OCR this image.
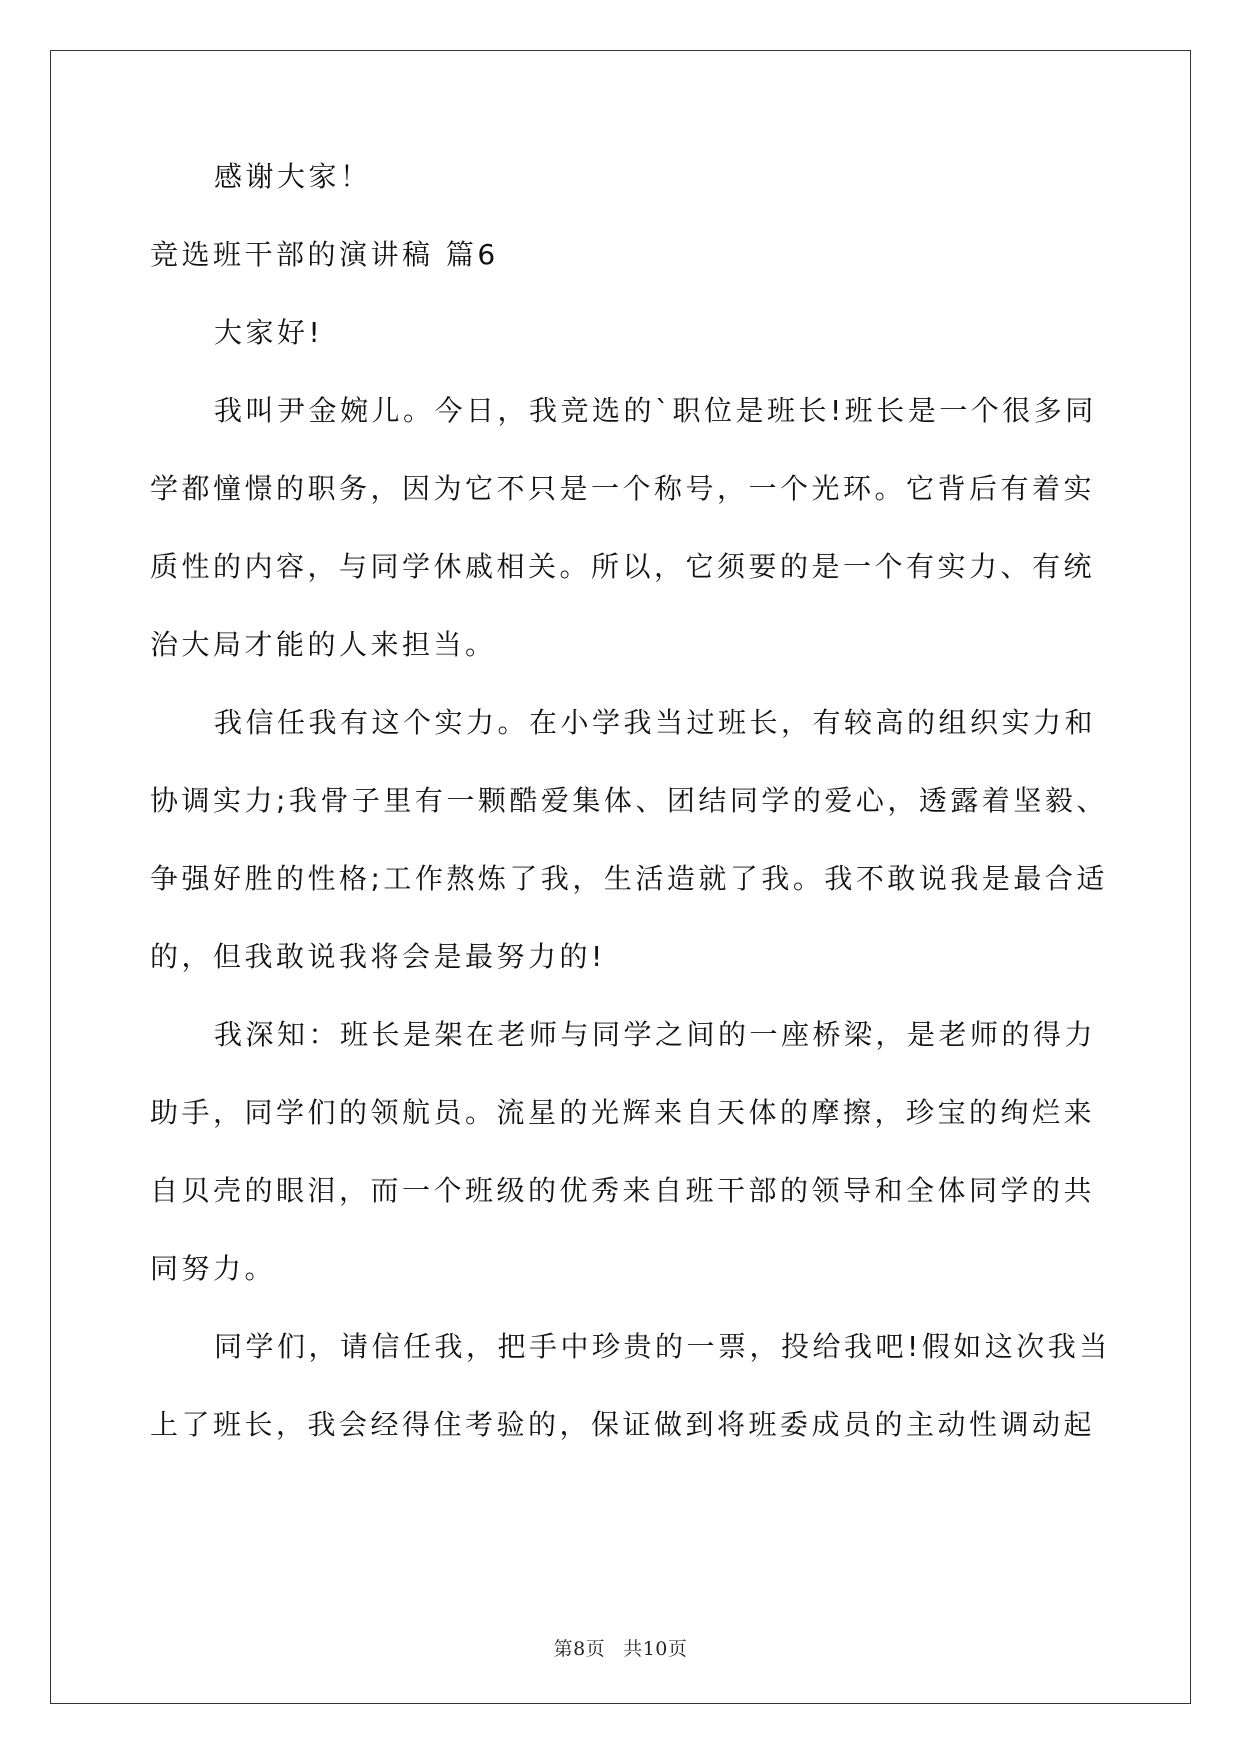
感谢大家！
竞选班干部的演讲稿 篇6
大家好!
我叫尹金婉儿。今日，我竞选的`职位是班长!班长是一个很多同
学都憧憬的职务，因为它不只是一个称号，一个光环。它背后有着实
质性的内容，与同学休戚相关。所以，它须要的是一个有实力、有统
治大局才能的人来担当。
我信任我有这个实力。在小学我当过班长，有较高的组织实力和
协调实力;我骨子里有一颗酷爱集体、团结同学的爱心，透露着坚毅、
争强好胜的性格;工作熬炼了我，生活造就了我。我不敢说我是最合适
的，但我敢说我将会是最努力的!
我深知：班长是架在老师与同学之间的一座桥梁，是老师的得力
助手，同学们的领航员。流星的光辉来自天体的摩擦，珍宝的绚烂来
自贝壳的眼泪，而一个班级的优秀来自班干部的领导和全体同学的共
同努力。
同学们，请信任我，把手中珍贵的一票，投给我吧!假如这次我当
上了班长，我会经得住考验的，保证做到将班委成员的主动性调动起
第8页 共10页
